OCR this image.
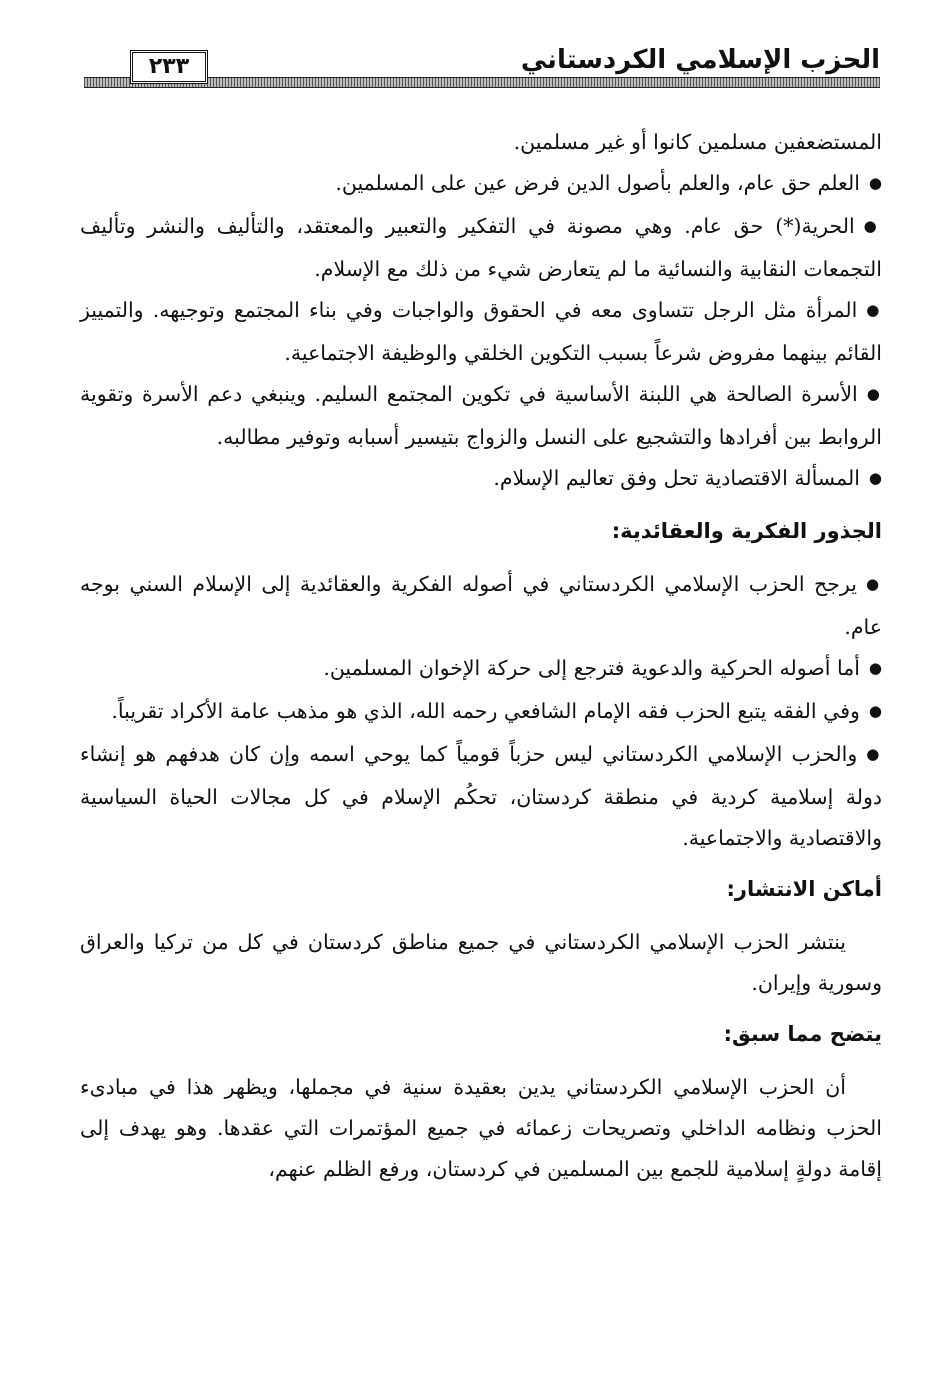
٢٣٣	الحزب الإسلامي الكردستاني

المستضعفين مسلمين كانوا أو غير مسلمين.

● العلم حق عام، والعلم بأصول الدين فرض عين على المسلمين.

● الحرية(*) حق عام. وهي مصونة في التفكير والتعبير والمعتقد، والتأليف والنشر وتأليف التجمعات النقابية والنسائية ما لم يتعارض شيء من ذلك مع الإسلام.

● المرأة مثل الرجل تتساوى معه في الحقوق والواجبات وفي بناء المجتمع وتوجيهه. والتمييز القائم بينهما مفروض شرعاً بسبب التكوين الخلقي والوظيفة الاجتماعية.

● الأسرة الصالحة هي اللبنة الأساسية في تكوين المجتمع السليم. وينبغي دعم الأسرة وتقوية الروابط بين أفرادها والتشجيع على النسل والزواج بتيسير أسبابه وتوفير مطالبه.

● المسألة الاقتصادية تحل وفق تعاليم الإسلام.

الجذور الفكرية والعقائدية:

● يرجح الحزب الإسلامي الكردستاني في أصوله الفكرية والعقائدية إلى الإسلام السني بوجه عام.

● أما أصوله الحركية والدعوية فترجع إلى حركة الإخوان المسلمين.

● وفي الفقه يتبع الحزب فقه الإمام الشافعي رحمه الله، الذي هو مذهب عامة الأكراد تقريباً.

● والحزب الإسلامي الكردستاني ليس حزباً قومياً كما يوحي اسمه وإن كان هدفهم هو إنشاء دولة إسلامية كردية في منطقة كردستان، تحكُم الإسلام في كل مجالات الحياة السياسية والاقتصادية والاجتماعية.

أماكن الانتشار:

ينتشر الحزب الإسلامي الكردستاني في جميع مناطق كردستان في كل من تركيا والعراق وسورية وإيران.

يتضح مما سبق:

أن الحزب الإسلامي الكردستاني يدين بعقيدة سنية في مجملها، ويظهر هذا في مبادىء الحزب ونظامه الداخلي وتصريحات زعمائه في جميع المؤتمرات التي عقدها. وهو يهدف إلى إقامة دولةٍ إسلامية للجمع بين المسلمين في كردستان، ورفع الظلم عنهم،
